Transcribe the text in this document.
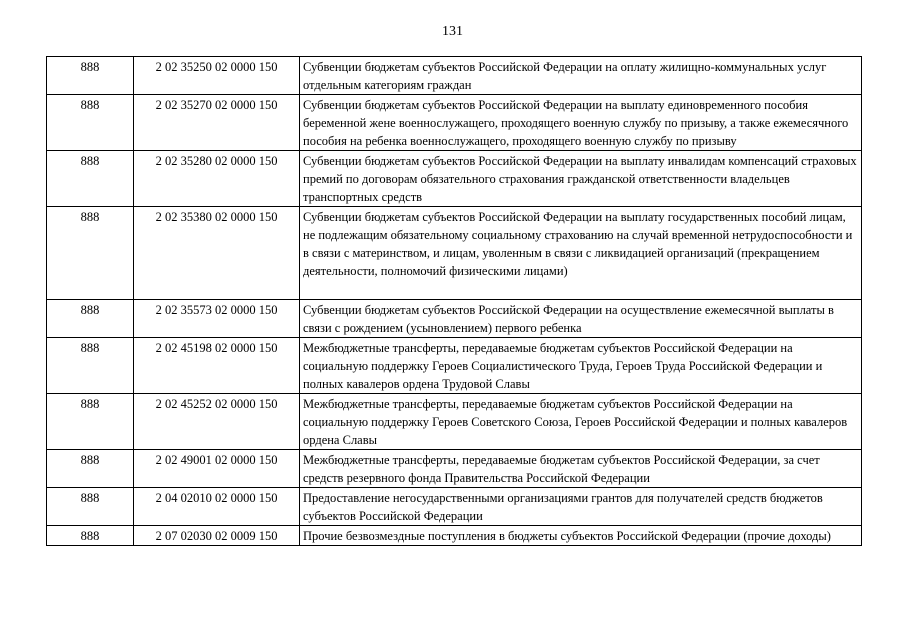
131
888	2 02 35250 02 0000 150	Субвенции бюджетам субъектов Российской Федерации на оплату жилищно-коммунальных услуг отдельным категориям граждан
888	2 02 35270 02 0000 150	Субвенции бюджетам субъектов Российской Федерации на выплату единовременного пособия беременной жене военнослужащего, проходящего военную службу по призыву, а также ежемесячного пособия на ребенка военнослужащего, проходящего военную службу по призыву
888	2 02 35280 02 0000 150	Субвенции бюджетам субъектов Российской Федерации на выплату инвалидам компенсаций страховых премий по договорам обязательного страхования гражданской ответственности владельцев транспортных средств
888	2 02 35380 02 0000 150	Субвенции бюджетам субъектов Российской Федерации на выплату государственных пособий лицам, не подлежащим обязательному социальному страхованию на случай временной нетрудоспособности и в связи с материнством, и лицам, уволенным в связи с ликвидацией организаций (прекращением деятельности, полномочий физическими лицами)
888	2 02 35573 02 0000 150	Субвенции бюджетам субъектов Российской Федерации на осуществление ежемесячной выплаты в связи с рождением (усыновлением) первого ребенка
888	2 02 45198 02 0000 150	Межбюджетные трансферты, передаваемые бюджетам субъектов Российской Федерации на социальную поддержку Героев Социалистического Труда, Героев Труда Российской Федерации и полных кавалеров ордена Трудовой Славы
888	2 02 45252 02 0000 150	Межбюджетные трансферты, передаваемые бюджетам субъектов Российской Федерации на социальную поддержку Героев Советского Союза, Героев Российской Федерации и полных кавалеров ордена Славы
888	2 02 49001 02 0000 150	Межбюджетные трансферты, передаваемые бюджетам субъектов Российской Федерации, за счет средств резервного фонда Правительства Российской Федерации
888	2 04 02010 02 0000 150	Предоставление негосударственными организациями грантов для получателей средств бюджетов субъектов Российской Федерации
888	2 07 02030 02 0009 150	Прочие безвозмездные поступления в бюджеты субъектов Российской Федерации (прочие доходы)
